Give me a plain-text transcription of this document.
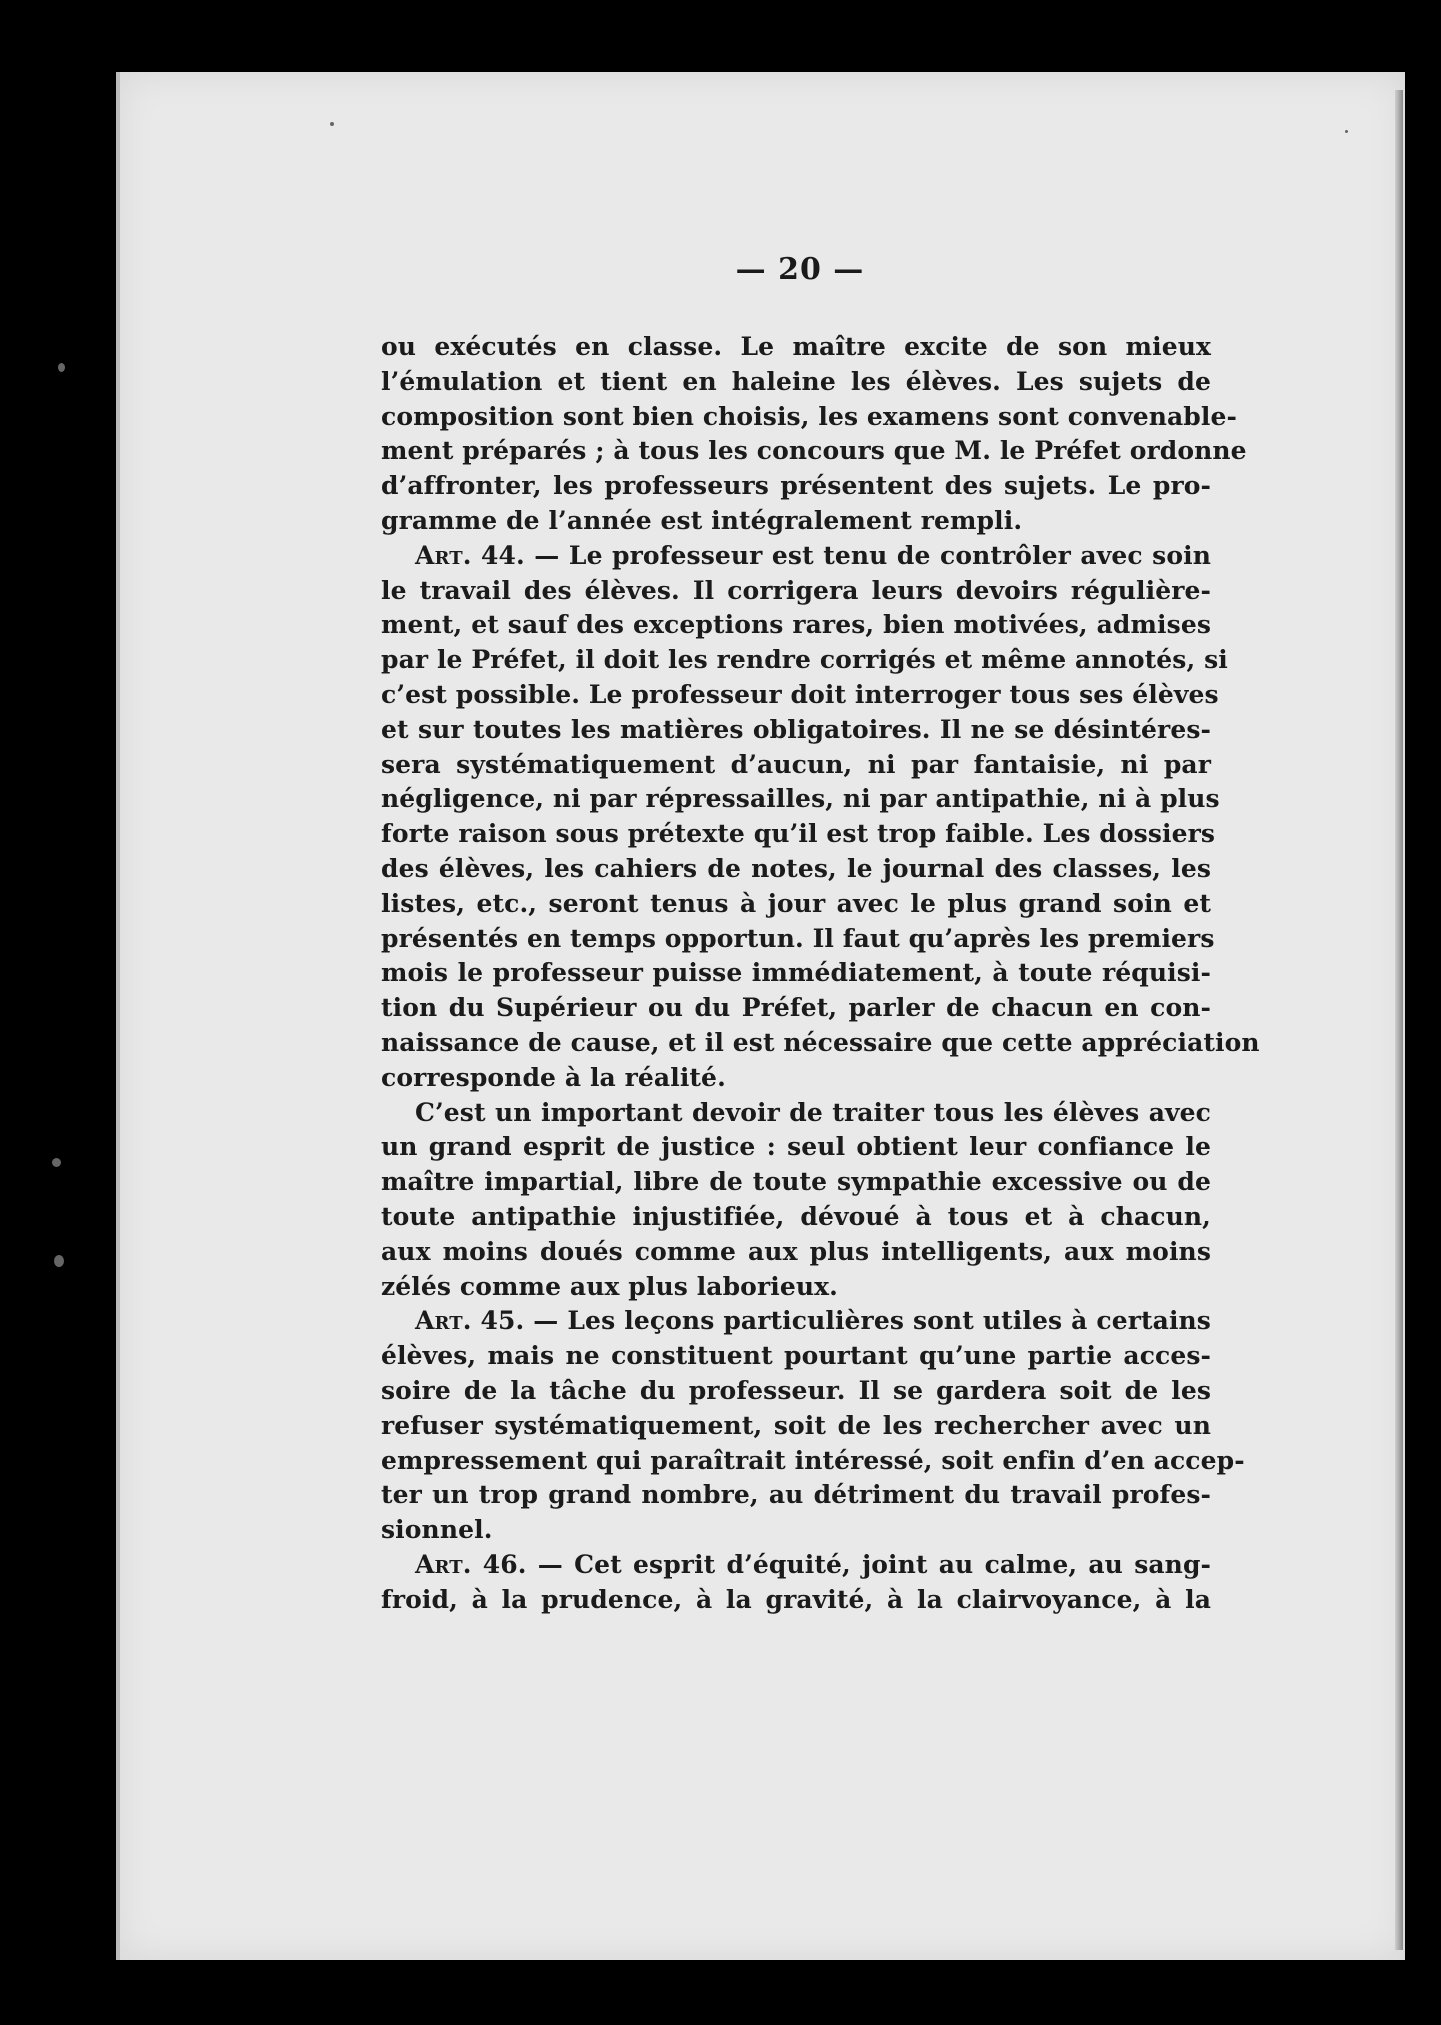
— 20 —
ou exécutés en classe. Le maître excite de son mieux
l’émulation et tient en haleine les élèves. Les sujets de
composition sont bien choisis, les examens sont convenable-
ment préparés ; à tous les concours que M. le Préfet ordonne
d’affronter, les professeurs présentent des sujets. Le pro-
gramme de l’année est intégralement rempli.
Art. 44. — Le professeur est tenu de contrôler avec soin
le travail des élèves. Il corrigera leurs devoirs régulière-
ment, et sauf des exceptions rares, bien motivées, admises
par le Préfet, il doit les rendre corrigés et même annotés, si
c’est possible. Le professeur doit interroger tous ses élèves
et sur toutes les matières obligatoires. Il ne se désintéres-
sera systématiquement d’aucun, ni par fantaisie, ni par
négligence, ni par répressailles, ni par antipathie, ni à plus
forte raison sous prétexte qu’il est trop faible. Les dossiers
des élèves, les cahiers de notes, le journal des classes, les
listes, etc., seront tenus à jour avec le plus grand soin et
présentés en temps opportun. Il faut qu’après les premiers
mois le professeur puisse immédiatement, à toute réquisi-
tion du Supérieur ou du Préfet, parler de chacun en con-
naissance de cause, et il est nécessaire que cette appréciation
corresponde à la réalité.
C’est un important devoir de traiter tous les élèves avec
un grand esprit de justice : seul obtient leur confiance le
maître impartial, libre de toute sympathie excessive ou de
toute antipathie injustifiée, dévoué à tous et à chacun,
aux moins doués comme aux plus intelligents, aux moins
zélés comme aux plus laborieux.
Art. 45. — Les leçons particulières sont utiles à certains
élèves, mais ne constituent pourtant qu’une partie acces-
soire de la tâche du professeur. Il se gardera soit de les
refuser systématiquement, soit de les rechercher avec un
empressement qui paraîtrait intéressé, soit enfin d’en accep-
ter un trop grand nombre, au détriment du travail profes-
sionnel.
Art. 46. — Cet esprit d’équité, joint au calme, au sang-
froid, à la prudence, à la gravité, à la clairvoyance, à la
